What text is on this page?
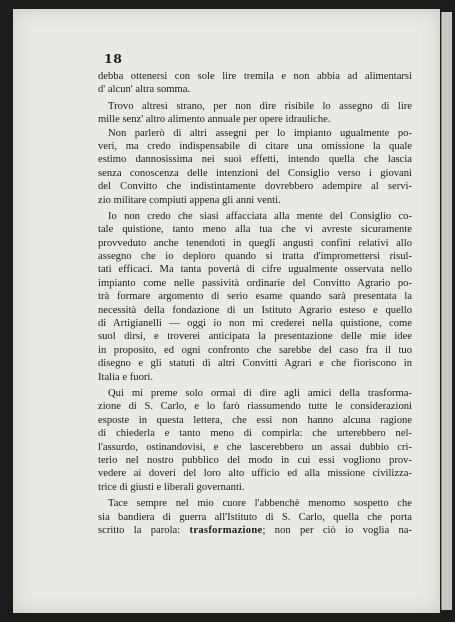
18
debba ottenersi con sole lire tremila e non abbia ad alimentarsi
d' alcun' altra somma.
Trovo altresì strano, per non dire risibile lo assegno di lire
mille senz' altro alimento annuale per opere idrauliche.
Non parlerò di altri assegni per lo impianto ugualmente po-
veri, ma credo indispensabile di citare una omissione la quale
estimo dannosissima nei suoi effetti, intendo quella che lascia
senza conoscenza delle intenzioni del Consiglio verso i giovani
del Convitto che indistintamente dovrebbero adempire al servi-
zio militare compiuti appena gli anni venti.
Io non credo che siasi affacciata alla mente del Consiglio co-
tale quistione, tanto meno alla tua che vi avreste sicuramente
provveduto anche tenendoti in quegli angusti confini relativi allo
assegno che io deploro quando si tratta d'impromettersi risul-
tati efficaci. Ma tanta povertà di cifre ugualmente osservata nello
impianto come nelle passività ordinarie del Convitto Agrario po-
trà formare argomento di serio esame quando sarà presentata la
necessità della fondazione di un Istituto Agrario esteso e quello
di Artigianelli — oggi io non mi crederei nella quistione, come
suol dirsi, e troverei anticipata la presentazione delle mie idee
in proposito, ed ogni confronto che sarebbe del caso fra il tuo
disegno e gli statuti di altri Convitti Agrari e che fioriscono in
Italia e fuori.
Qui mi preme solo ormai di dire agli amici della trasforma-
zione di S. Carlo, e lo farò riassumendo tutte le considerazioni
esposte in questa lettera, che essi non hanno alcuna ragione
di chiederla e tanto meno di compirla: che urterebbero nel-
l'assurdo, ostinandovisi, e che lascerebbero un assai dubbio cri-
terio nel nostro pubblico del modo in cui essi vogliono prov-
vedere ai doveri del loro alto ufficio ed alla missione civilizza-
trice di giusti e liberali governanti.
Tace sempre nel mio cuore l'abbenchè menomo sospetto che
sia bandiera di guerra all'Istituto di S. Carlo, quella che porta
scritto la parola: trasformazione; non per ciò io voglia na-
